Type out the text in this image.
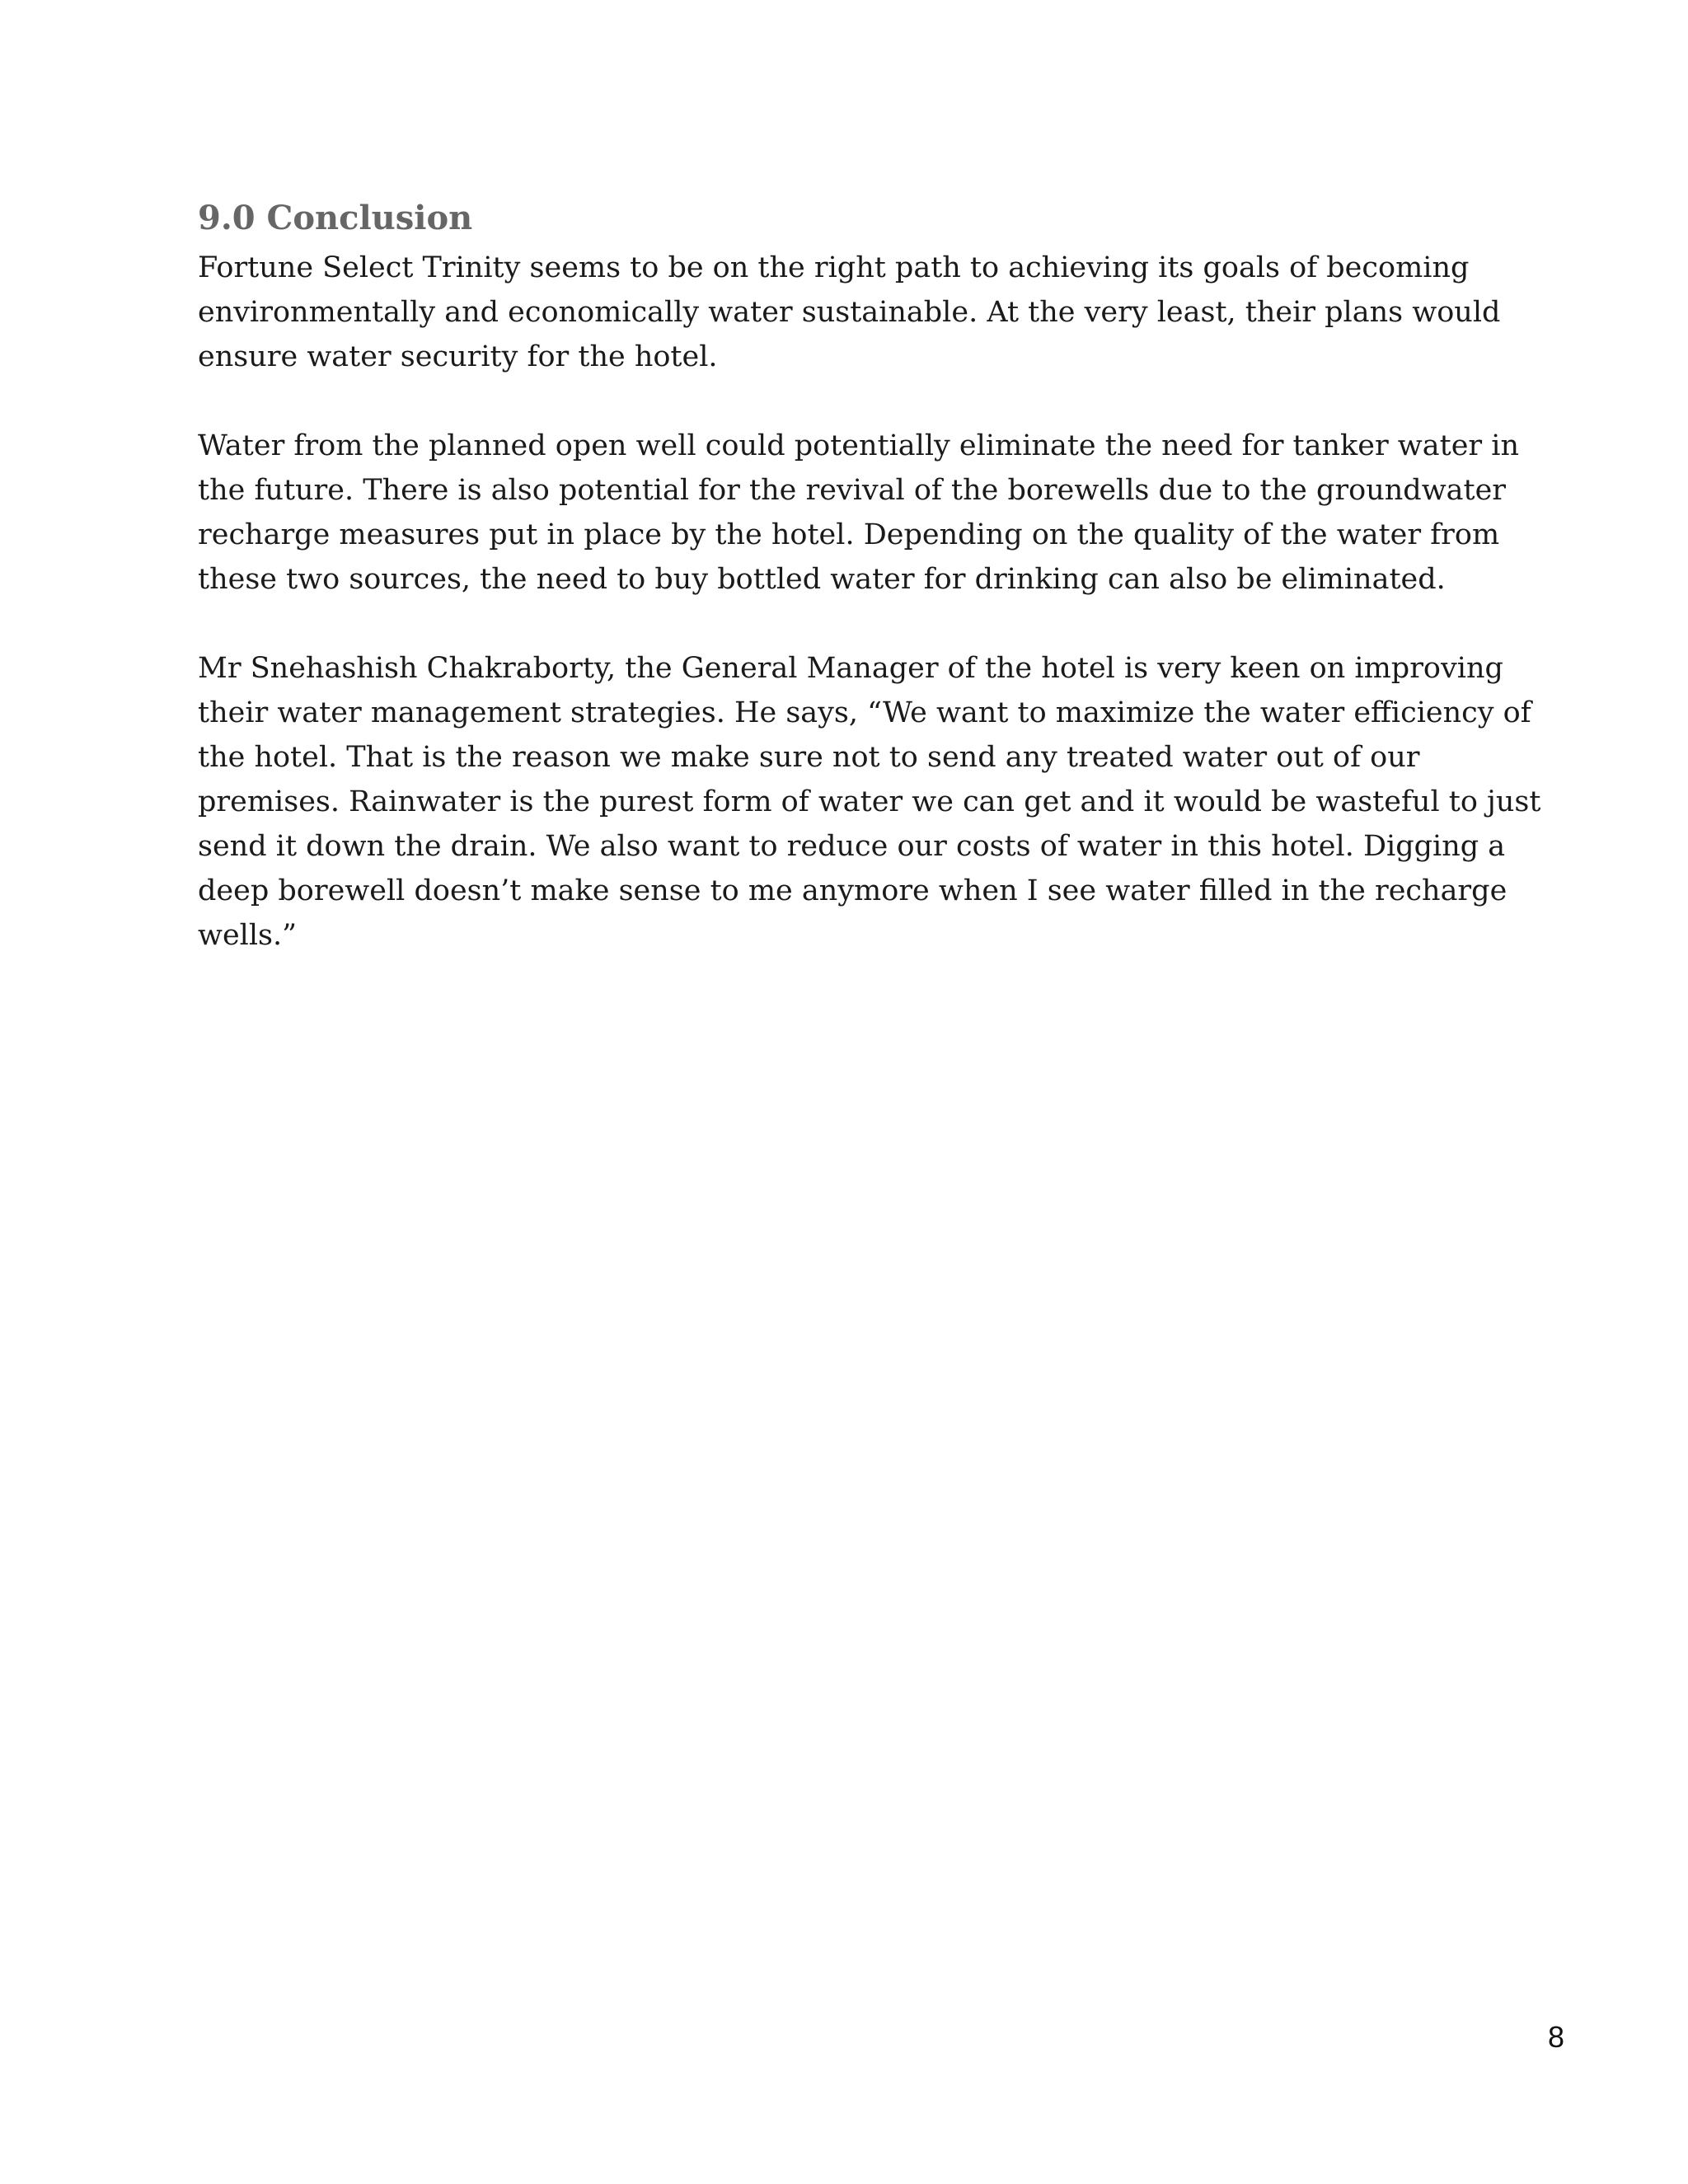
9.0 Conclusion

Fortune Select Trinity seems to be on the right path to achieving its goals of becoming environmentally and economically water sustainable. At the very least, their plans would ensure water security for the hotel.

Water from the planned open well could potentially eliminate the need for tanker water in the future. There is also potential for the revival of the borewells due to the groundwater recharge measures put in place by the hotel. Depending on the quality of the water from these two sources, the need to buy bottled water for drinking can also be eliminated.

Mr Snehashish Chakraborty, the General Manager of the hotel is very keen on improving their water management strategies. He says, “We want to maximize the water efficiency of the hotel. That is the reason we make sure not to send any treated water out of our premises. Rainwater is the purest form of water we can get and it would be wasteful to just send it down the drain. We also want to reduce our costs of water in this hotel. Digging a deep borewell doesn’t make sense to me anymore when I see water filled in the recharge wells.”

8
